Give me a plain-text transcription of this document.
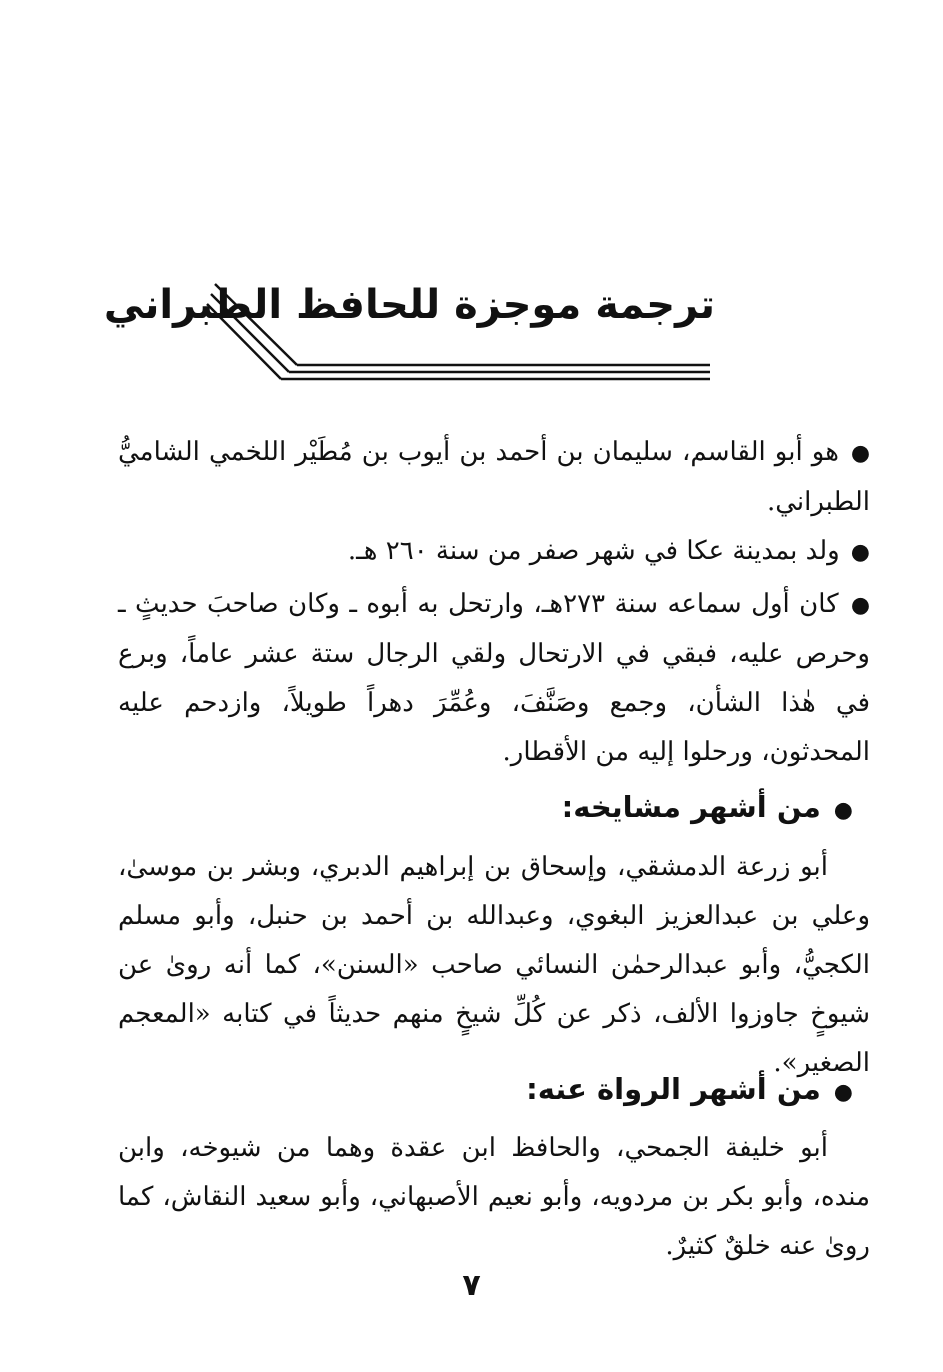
ترجمة موجزة للحافظ الطبراني

● هو أبو القاسم، سليمان بن أحمد بن أيوب بن مُطَيْر اللخمي الشاميُّ الطبراني.

● ولد بمدينة عكا في شهر صفر من سنة ٢٦٠ هـ.

● كان أول سماعه سنة ٢٧٣هـ، وارتحل به أبوه ـ وكان صاحبَ حديثٍ ـ وحرص عليه، فبقي في الارتحال ولقي الرجال ستة عشر عاماً، وبرع في هٰذا الشأن، وجمع وصَنَّفَ، وعُمِّرَ دهراً طويلاً، وازدحم عليه المحدثون، ورحلوا إليه من الأقطار.

● من أشهر مشايخه:

أبو زرعة الدمشقي، وإسحاق بن إبراهيم الدبري، وبشر بن موسىٰ، وعلي بن عبدالعزيز البغوي، وعبدالله بن أحمد بن حنبل، وأبو مسلم الكجيُّ، وأبو عبدالرحمٰن النسائي صاحب «السنن»، كما أنه روىٰ عن شيوخٍ جاوزوا الألف، ذكر عن كُلِّ شيخٍ منهم حديثاً في كتابه «المعجم الصغير».

● من أشهر الرواة عنه:

أبو خليفة الجمحي، والحافظ ابن عقدة وهما من شيوخه، وابن منده، وأبو بكر بن مردويه، وأبو نعيم الأصبهاني، وأبو سعيد النقاش، كما روىٰ عنه خلقٌ كثيرٌ.

٧
